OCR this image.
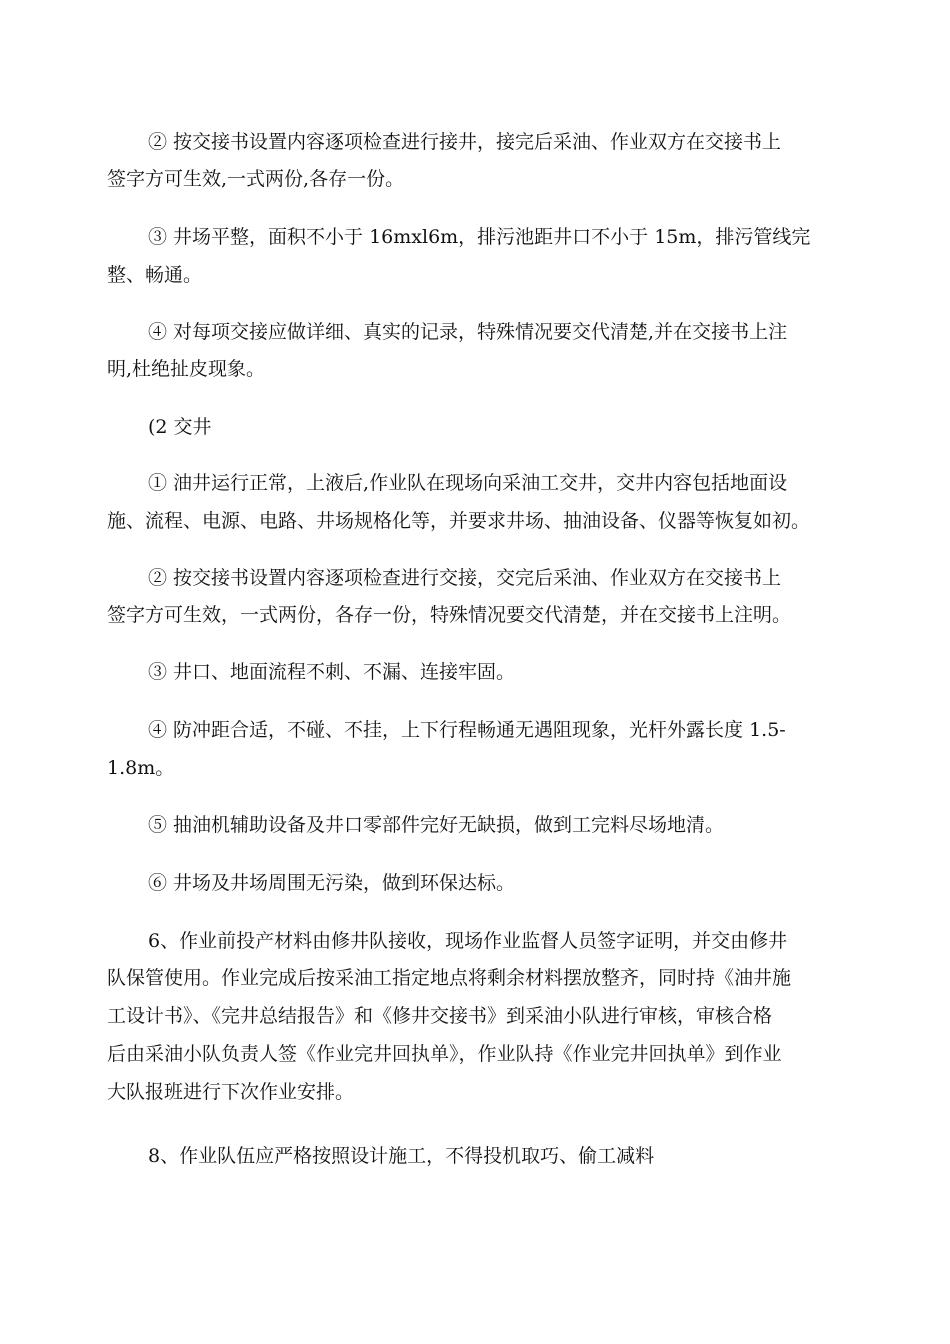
② 按交接书设置内容逐项检查进行接井，接完后采油、作业双方在交接书上
签字方可生效,一式两份,各存一份。
③ 井场平整，面积不小于 16mxl6m，排污池距井口不小于 15m，排污管线完
整、畅通。
④ 对每项交接应做详细、真实的记录，特殊情况要交代清楚,并在交接书上注
明,杜绝扯皮现象。
(2 交井
① 油井运行正常，上液后,作业队在现场向采油工交井，交井内容包括地面设
施、流程、电源、电路、井场规格化等，并要求井场、抽油设备、仪器等恢复如初。
② 按交接书设置内容逐项检查进行交接，交完后采油、作业双方在交接书上
签字方可生效，一式两份，各存一份，特殊情况要交代清楚，并在交接书上注明。
③ 井口、地面流程不刺、不漏、连接牢固。
④ 防冲距合适，不碰、不挂，上下行程畅通无遇阻现象，光杆外露长度 1.5-
1.8m。
⑤ 抽油机辅助设备及井口零部件完好无缺损，做到工完料尽场地清。
⑥ 井场及井场周围无污染，做到环保达标。
6、作业前投产材料由修井队接收，现场作业监督人员签字证明，并交由修井
队保管使用。作业完成后按采油工指定地点将剩余材料摆放整齐，同时持《油井施
工设计书》、《完井总结报告》和《修井交接书》到采油小队进行审核，审核合格
后由采油小队负责人签《作业完井回执单》，作业队持《作业完井回执单》到作业
大队报班进行下次作业安排。
8、作业队伍应严格按照设计施工，不得投机取巧、偷工减料
